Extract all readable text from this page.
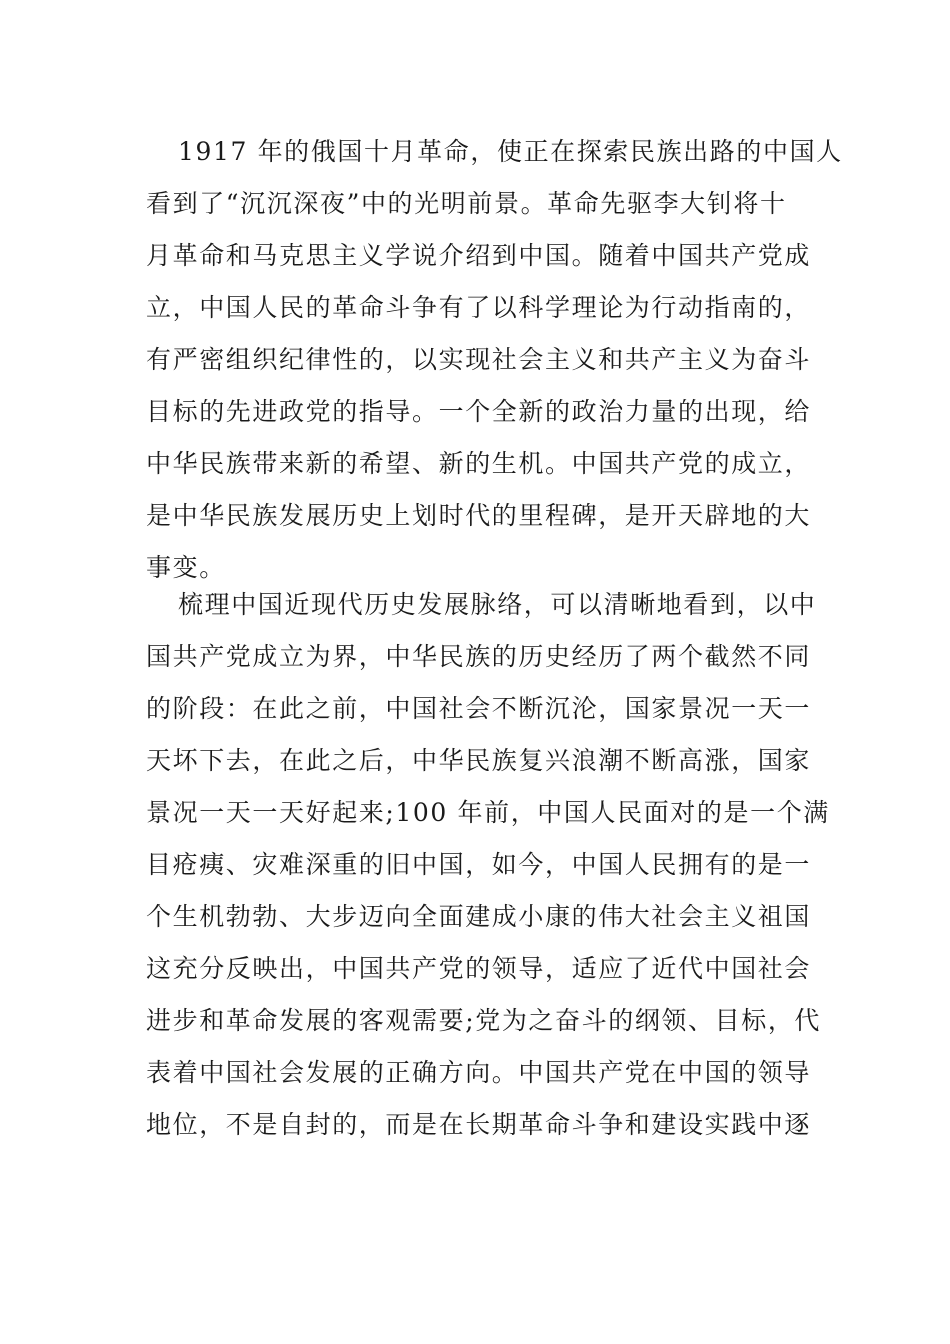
1917 年的俄国十月革命，使正在探索民族出路的中国人
看到了“沉沉深夜”中的光明前景。革命先驱李大钊将十
月革命和马克思主义学说介绍到中国。随着中国共产党成
立，中国人民的革命斗争有了以科学理论为行动指南的，
有严密组织纪律性的，以实现社会主义和共产主义为奋斗
目标的先进政党的指导。一个全新的政治力量的出现，给
中华民族带来新的希望、新的生机。中国共产党的成立，
是中华民族发展历史上划时代的里程碑，是开天辟地的大
事变。
梳理中国近现代历史发展脉络，可以清晰地看到，以中
国共产党成立为界，中华民族的历史经历了两个截然不同
的阶段：在此之前，中国社会不断沉沦，国家景况一天一
天坏下去，在此之后，中华民族复兴浪潮不断高涨，国家
景况一天一天好起来;100 年前，中国人民面对的是一个满
目疮痍、灾难深重的旧中国，如今，中国人民拥有的是一
个生机勃勃、大步迈向全面建成小康的伟大社会主义祖国
这充分反映出，中国共产党的领导，适应了近代中国社会
进步和革命发展的客观需要;党为之奋斗的纲领、目标，代
表着中国社会发展的正确方向。中国共产党在中国的领导
地位，不是自封的，而是在长期革命斗争和建设实践中逐
